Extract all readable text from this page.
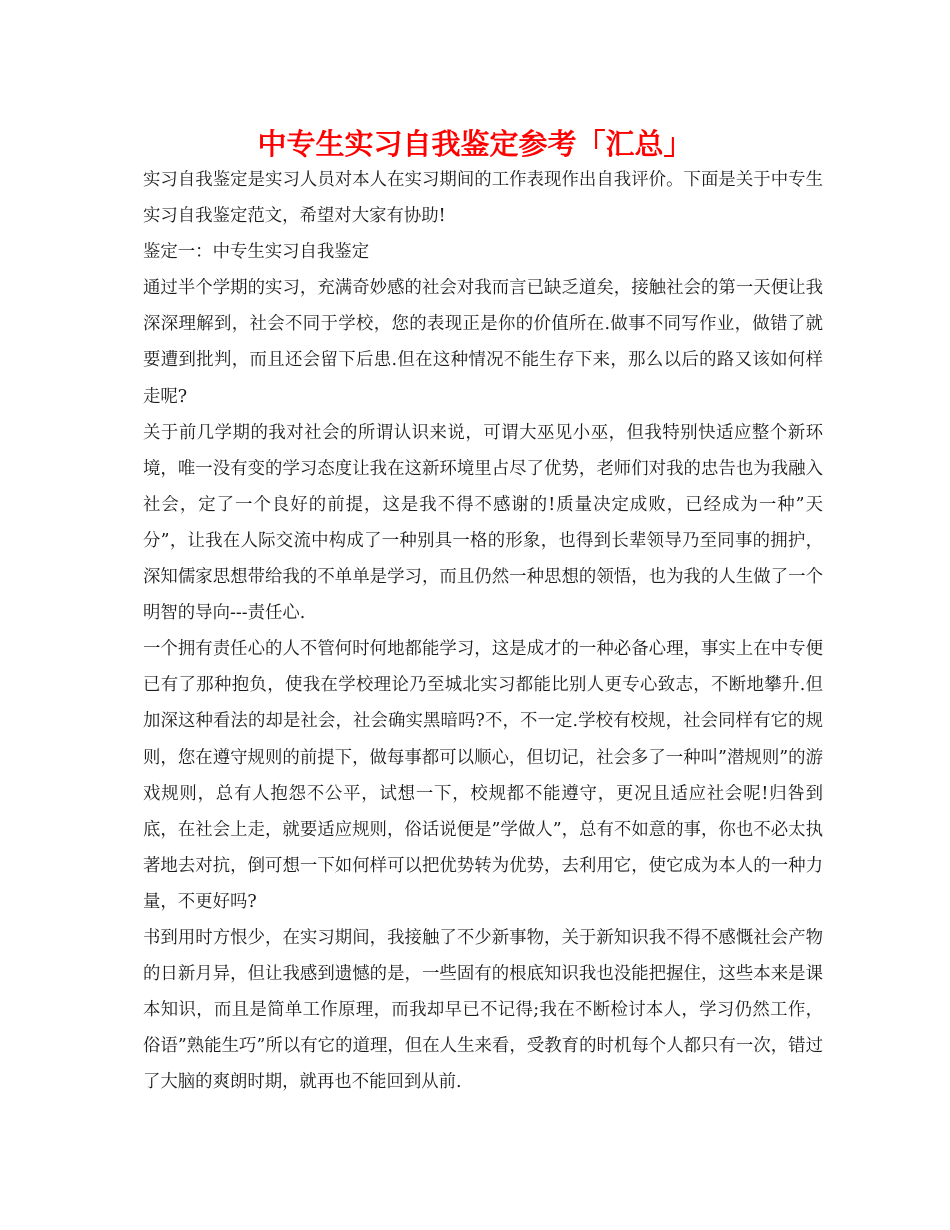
中专生实习自我鉴定参考「汇总」

实习自我鉴定是实习人员对本人在实习期间的工作表现作出自我评价。下面是关于中专生实习自我鉴定范文，希望对大家有协助!

鉴定一：中专生实习自我鉴定

通过半个学期的实习，充满奇妙感的社会对我而言已缺乏道矣，接触社会的第一天便让我深深理解到，社会不同于学校，您的表现正是你的价值所在.做事不同写作业，做错了就要遭到批判，而且还会留下后患.但在这种情况不能生存下来，那么以后的路又该如何样走呢?

关于前几学期的我对社会的所谓认识来说，可谓大巫见小巫，但我特别快适应整个新环境，唯一没有变的学习态度让我在这新环境里占尽了优势，老师们对我的忠告也为我融入社会，定了一个良好的前提，这是我不得不感谢的!质量决定成败，已经成为一种”天分”，让我在人际交流中构成了一种别具一格的形象，也得到长辈领导乃至同事的拥护，深知儒家思想带给我的不单单是学习，而且仍然一种思想的领悟，也为我的人生做了一个明智的导向---责任心.

一个拥有责任心的人不管何时何地都能学习，这是成才的一种必备心理，事实上在中专便已有了那种抱负，使我在学校理论乃至城北实习都能比别人更专心致志，不断地攀升.但加深这种看法的却是社会，社会确实黑暗吗?不，不一定.学校有校规，社会同样有它的规则，您在遵守规则的前提下，做每事都可以顺心，但切记，社会多了一种叫”潜规则”的游戏规则，总有人抱怨不公平，试想一下，校规都不能遵守，更况且适应社会呢!归咎到底，在社会上走，就要适应规则，俗话说便是”学做人”，总有不如意的事，你也不必太执著地去对抗，倒可想一下如何样可以把优势转为优势，去利用它，使它成为本人的一种力量，不更好吗?

书到用时方恨少，在实习期间，我接触了不少新事物，关于新知识我不得不感慨社会产物的日新月异，但让我感到遗憾的是，一些固有的根底知识我也没能把握住，这些本来是课本知识，而且是简单工作原理，而我却早已不记得;我在不断检讨本人，学习仍然工作，俗语”熟能生巧”所以有它的道理，但在人生来看，受教育的时机每个人都只有一次，错过了大脑的爽朗时期，就再也不能回到从前.
